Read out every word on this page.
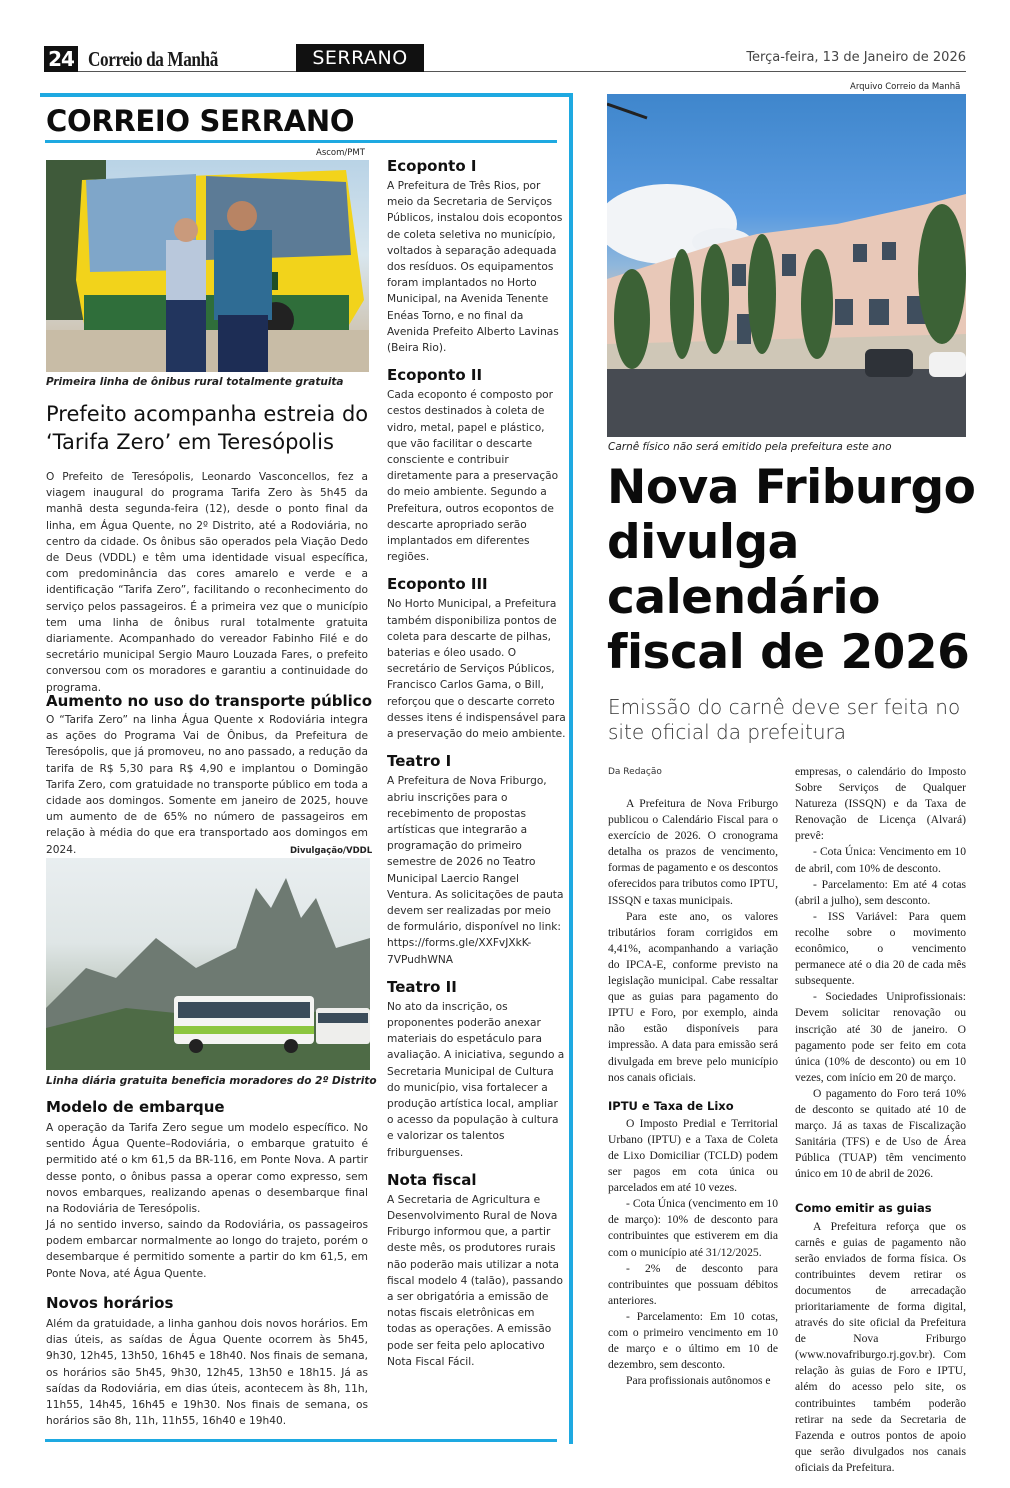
24 Correio da Manhã	SERRANO	Terça-feira, 13 de Janeiro de 2026
CORREIO SERRANO
Ascom/PMT
Primeira linha de ônibus rural totalmente gratuita
Prefeito acompanha estreia do ‘Tarifa Zero’ em Teresópolis
O Prefeito de Teresópolis, Leonardo Vasconcellos, fez a viagem inaugural do programa Tarifa Zero às 5h45 da manhã desta segunda-feira (12), desde o ponto final da linha, em Água Quente, no 2º Distrito, até a Rodoviária, no centro da cidade. Os ônibus são operados pela Viação Dedo de Deus (VDDL) e têm uma identidade visual específica, com predominância das cores amarelo e verde e a identificação “Tarifa Zero”, facilitando o reconhecimento do serviço pelos passageiros. É a primeira vez que o município tem uma linha de ônibus rural totalmente gratuita diariamente. Acompanhado do vereador Fabinho Filé e do secretário municipal Sergio Mauro Louzada Fares, o prefeito conversou com os moradores e garantiu a continuidade do programa.
Aumento no uso do transporte público
O “Tarifa Zero” na linha Água Quente x Rodoviária integra as ações do Programa Vai de Ônibus, da Prefeitura de Teresópolis, que já promoveu, no ano passado, a redução da tarifa de R$ 5,30 para R$ 4,90 e implantou o Domingão Tarifa Zero, com gratuidade no transporte público em toda a cidade aos domingos. Somente em janeiro de 2025, houve um aumento de de 65% no número de passageiros em relação à média do que era transportado aos domingos em 2024.	Divulgação/VDDL
Linha diária gratuita beneficia moradores do 2º Distrito
Modelo de embarque
A operação da Tarifa Zero segue um modelo específico. No sentido Água Quente–Rodoviária, o embarque gratuito é permitido até o km 61,5 da BR-116, em Ponte Nova. A partir desse ponto, o ônibus passa a operar como expresso, sem novos embarques, realizando apenas o desembarque final na Rodoviária de Teresópolis.
Já no sentido inverso, saindo da Rodoviária, os passageiros podem embarcar normalmente ao longo do trajeto, porém o desembarque é permitido somente a partir do km 61,5, em Ponte Nova, até Água Quente.
Novos horários
Além da gratuidade, a linha ganhou dois novos horários. Em dias úteis, as saídas de Água Quente ocorrem às 5h45, 9h30, 12h45, 13h50, 16h45 e 18h40. Nos finais de semana, os horários são 5h45, 9h30, 12h45, 13h50 e 18h15. Já as saídas da Rodoviária, em dias úteis, acontecem às 8h, 11h, 11h55, 14h45, 16h45 e 19h30. Nos finais de semana, os horários são 8h, 11h, 11h55, 16h40 e 19h40.
Ecoponto I
A Prefeitura de Três Rios, por meio da Secretaria de Serviços Públicos, instalou dois ecopontos de coleta seletiva no município, voltados à separação adequada dos resíduos. Os equipamentos foram implantados no Horto Municipal, na Avenida Tenente Enéas Torno, e no final da Avenida Prefeito Alberto Lavinas (Beira Rio).
Ecoponto II
Cada ecoponto é composto por cestos destinados à coleta de vidro, metal, papel e plástico, que vão facilitar o descarte consciente e contribuir diretamente para a preservação do meio ambiente. Segundo a Prefeitura, outros ecopontos de descarte apropriado serão implantados em diferentes regiões.
Ecoponto III
No Horto Municipal, a Prefeitura também disponibiliza pontos de coleta para descarte de pilhas, baterias e óleo usado. O secretário de Serviços Públicos, Francisco Carlos Gama, o Bill, reforçou que o descarte correto desses itens é indispensável para a preservação do meio ambiente.
Teatro I
A Prefeitura de Nova Friburgo, abriu inscrições para o recebimento de propostas artísticas que integrarão a programação do primeiro semestre de 2026 no Teatro Municipal Laercio Rangel Ventura. As solicitações de pauta devem ser realizadas por meio de formulário, disponível no link: https://forms.gle/XXFvJXkK-7VPudhWNA
Teatro II
No ato da inscrição, os proponentes poderão anexar materiais do espetáculo para avaliação. A iniciativa, segundo a Secretaria Municipal de Cultura do município, visa fortalecer a produção artística local, ampliar o acesso da população à cultura e valorizar os talentos friburguenses.
Nota fiscal
A Secretaria de Agricultura e Desenvolvimento Rural de Nova Friburgo informou que, a partir deste mês, os produtores rurais não poderão mais utilizar a nota fiscal modelo 4 (talão), passando a ser obrigatória a emissão de notas fiscais eletrônicas em todas as operações. A emissão pode ser feita pelo aplocativo Nota Fiscal Fácil.
Arquivo Correio da Manhã
Carnê físico não será emitido pela prefeitura este ano
Nova Friburgo divulga calendário fiscal de 2026
Emissão do carnê deve ser feita no site oficial da prefeitura
Da Redação

A Prefeitura de Nova Friburgo publicou o Calendário Fiscal para o exercício de 2026. O cronograma detalha os prazos de vencimento, formas de pagamento e os descontos oferecidos para tributos como IPTU, ISSQN e taxas municipais.

Para este ano, os valores tributários foram corrigidos em 4,41%, acompanhando a variação do IPCA-E, conforme previsto na legislação municipal. Cabe ressaltar que as guias para pagamento do IPTU e Foro, por exemplo, ainda não estão disponíveis para impressão. A data para emissão será divulgada em breve pelo município nos canais oficiais.

IPTU e Taxa de Lixo

O Imposto Predial e Territorial Urbano (IPTU) e a Taxa de Coleta de Lixo Domiciliar (TCLD) podem ser pagos em cota única ou parcelados em até 10 vezes.

- Cota Única (vencimento em 10 de março): 10% de desconto para contribuintes que estiverem em dia com o município até 31/12/2025.

- 2% de desconto para contribuintes que possuam débitos anteriores.

- Parcelamento: Em 10 cotas, com o primeiro vencimento em 10 de março e o último em 10 de dezembro, sem desconto.

Para profissionais autônomos e

empresas, o calendário do Imposto Sobre Serviços de Qualquer Natureza (ISSQN) e da Taxa de Renovação de Licença (Alvará) prevê:

- Cota Única: Vencimento em 10 de abril, com 10% de desconto.

- Parcelamento: Em até 4 cotas (abril a julho), sem desconto.

- ISS Variável: Para quem recolhe sobre o movimento econômico, o vencimento permanece até o dia 20 de cada mês subsequente.

- Sociedades Uniprofissionais: Devem solicitar renovação ou inscrição até 30 de janeiro. O pagamento pode ser feito em cota única (10% de desconto) ou em 10 vezes, com início em 20 de março.

O pagamento do Foro terá 10% de desconto se quitado até 10 de março. Já as taxas de Fiscalização Sanitária (TFS) e de Uso de Área Pública (TUAP) têm vencimento único em 10 de abril de 2026.

Como emitir as guias

A Prefeitura reforça que os carnês e guias de pagamento não serão enviados de forma física. Os contribuintes devem retirar os documentos de arrecadação prioritariamente de forma digital, através do site oficial da Prefeitura de Nova Friburgo (www.novafriburgo.rj.gov.br). Com relação às guias de Foro e IPTU, além do acesso pelo site, os contribuintes também poderão retirar na sede da Secretaria de Fazenda e outros pontos de apoio que serão divulgados nos canais oficiais da Prefeitura.
